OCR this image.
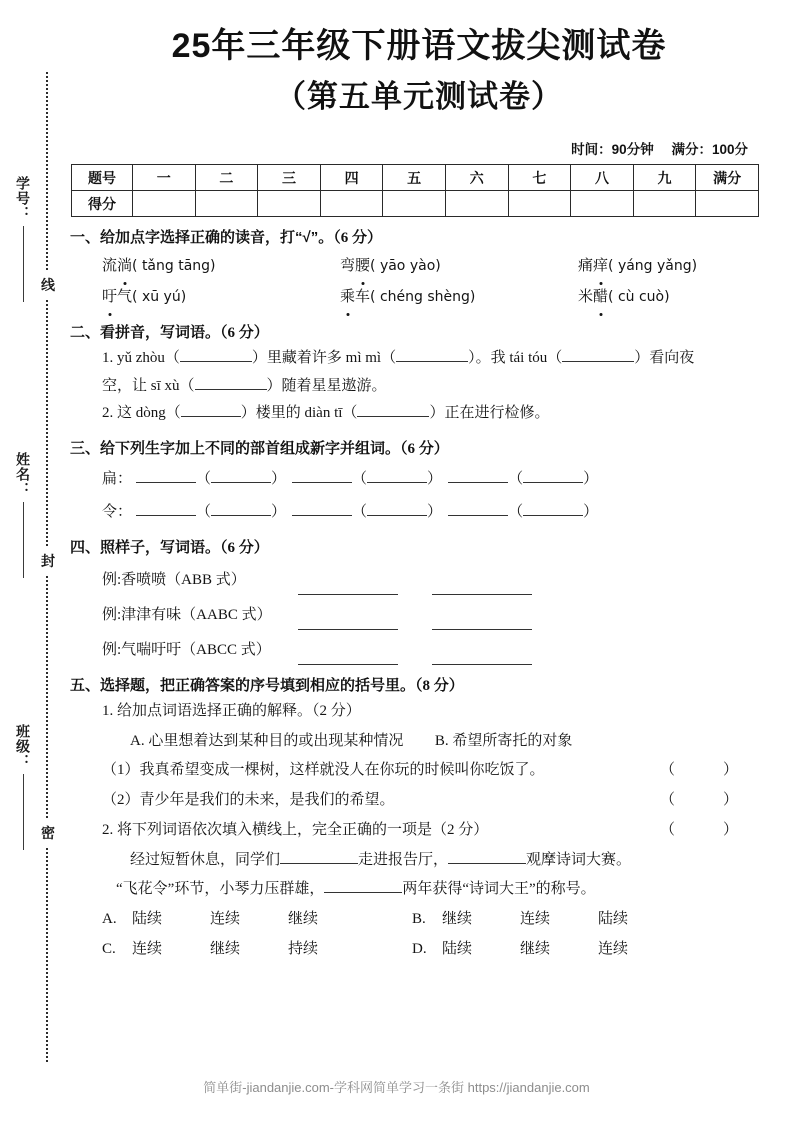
线
封
密
学号：
姓名：
班级：
25年三年级下册语文拔尖测试卷
（第五单元测试卷）
时间：90分钟 满分：100分
题号	一	二	三	四	五	六	七	八	九	满分
得分										
一、给加点字选择正确的读音，打“√”。（6 分）
流淌( tǎng tāng)	弯腰( yāo yào)	痛痒( yáng yǎng)
吁气( xū yú)	乘车( chéng shèng)	米醋( cù cuò)
二、看拼音，写词语。（6 分）
1. yǔ zhòu（	）里藏着许多 mì mì（	）。我 tái tóu（	）看向夜
空，让 sī xù（	）随着星星遨游。
2. 这 dòng（	）楼里的 diàn tī（	）正在进行检修。
三、给下列生字加上不同的部首组成新字并组词。（6 分）
扁：	（	）	（	）	（	）
令：	（	）	（	）	（	）
四、照样子，写词语。（6 分）
例:香喷喷（ABB 式）
例:津津有味（AABC 式）
例:气喘吁吁（ABCC 式）
五、选择题，把正确答案的序号填到相应的括号里。（8 分）
1. 给加点词语选择正确的解释。（2 分）
A. 心里想着达到某种目的或出现某种情况 B. 希望所寄托的对象
（1）我真希望变成一棵树，这样就没人在你玩的时候叫你吃饭了。	（　　）
（2）青少年是我们的未来，是我们的希望。	（　　）
2. 将下列词语依次填入横线上，完全正确的一项是（2 分）	（　　）
经过短暂休息，同学们	走进报告厅，	观摩诗词大赛。
“飞花令”环节，小琴力压群雄，	两年获得“诗词大王”的称号。
A. 陆续	连续	继续	B. 继续	连续	陆续
C. 连续	继续	持续	D. 陆续	继续	连续
简单街-jiandanjie.com-学科网简单学习一条街 https://jiandanjie.com
